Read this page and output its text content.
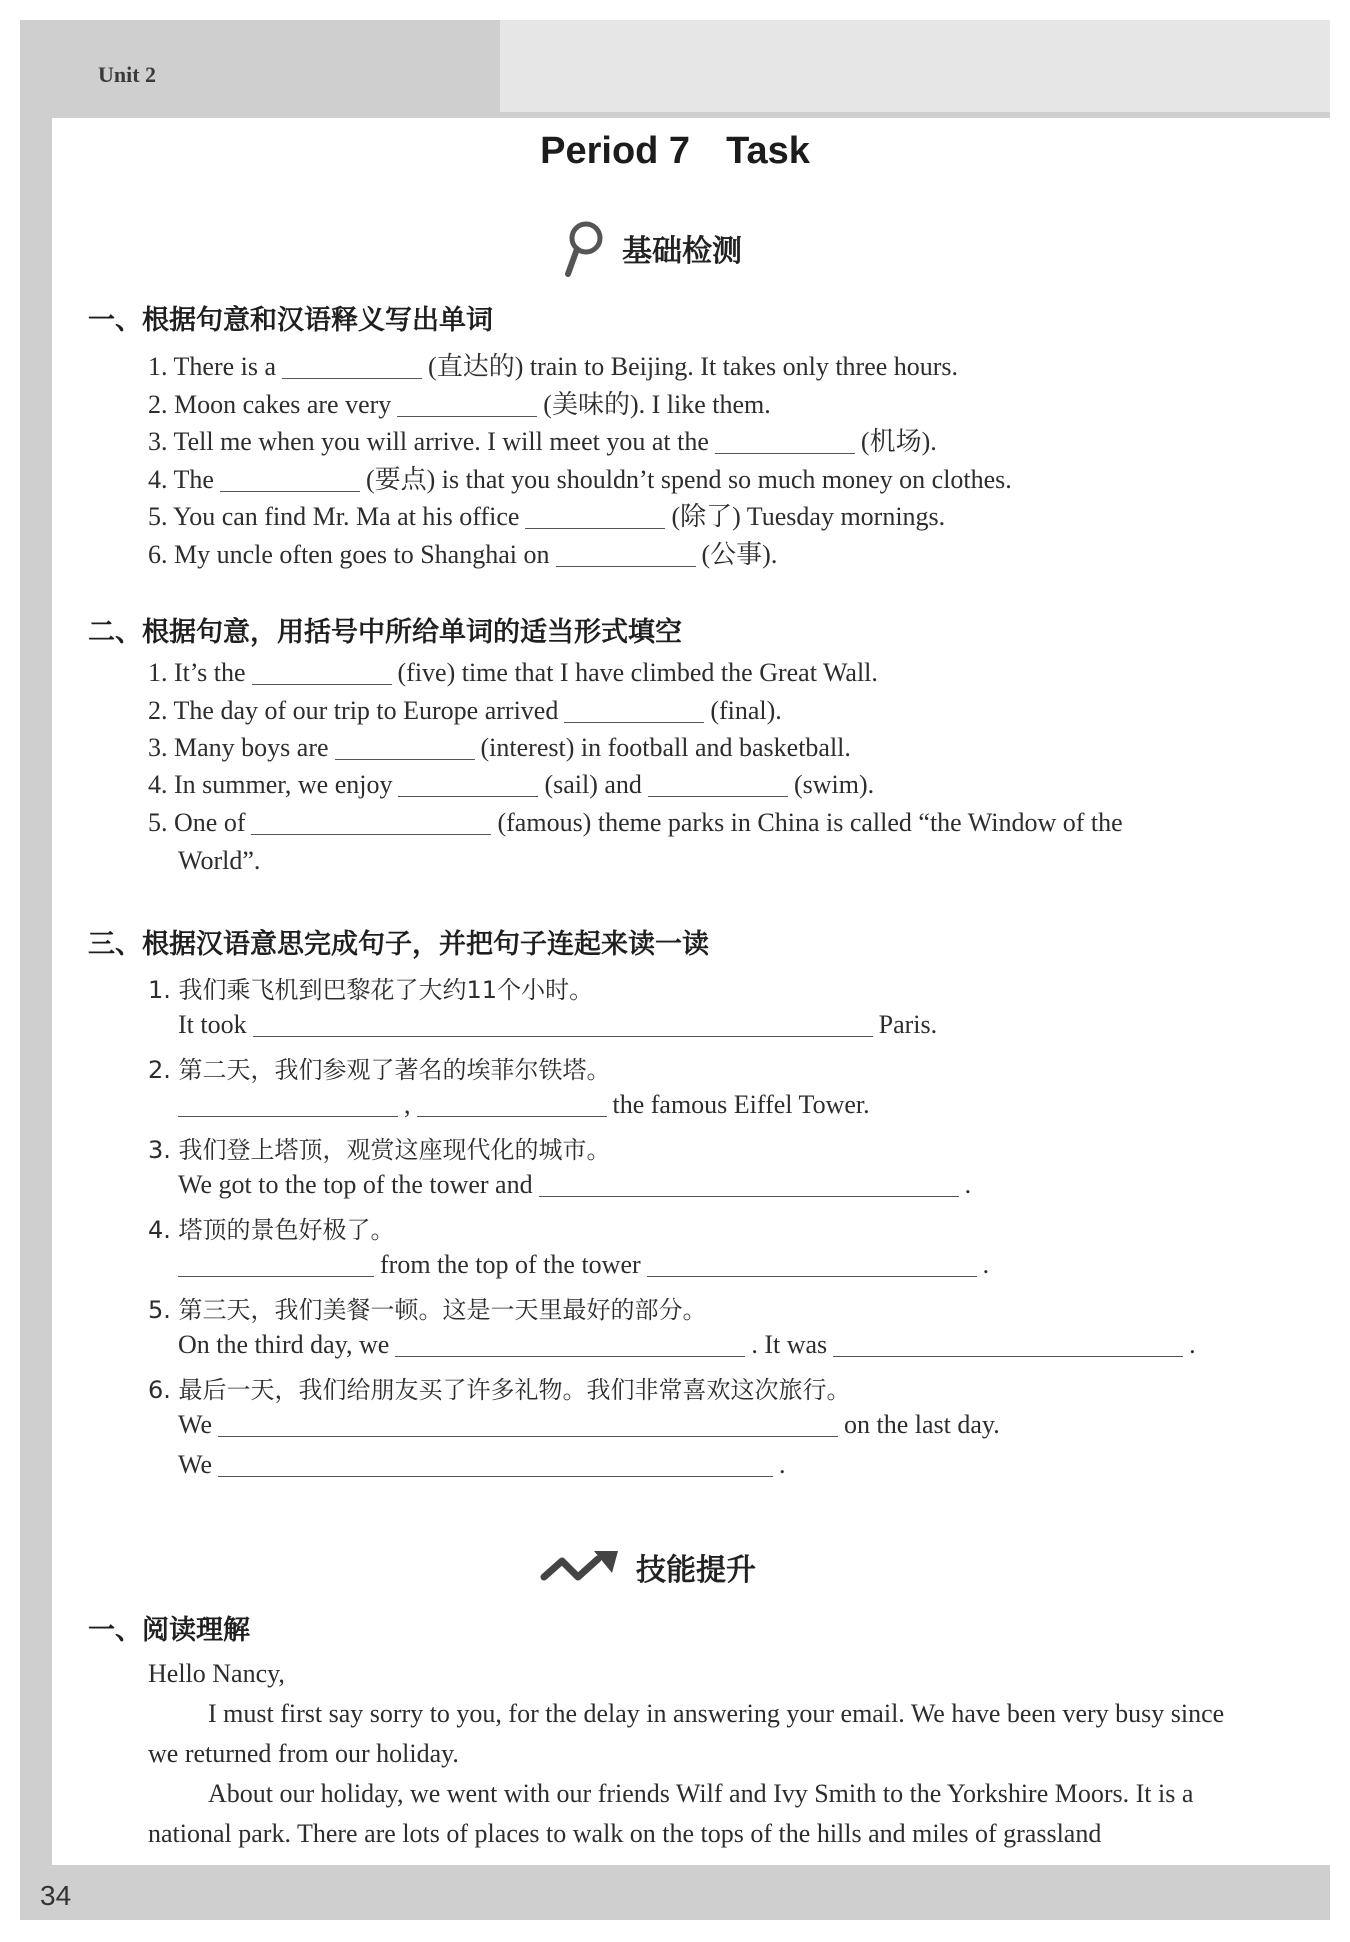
Unit 2
34
Period 7 Task
基础检测
一、根据句意和汉语释义写出单词
1. There is a	(直达的) train to Beijing. It takes only three hours.
2. Moon cakes are very	(美味的). I like them.
3. Tell me when you will arrive. I will meet you at the	(机场).
4. The	(要点) is that you shouldn’t spend so much money on clothes.
5. You can find Mr. Ma at his office	(除了) Tuesday mornings.
6. My uncle often goes to Shanghai on	(公事).
二、根据句意，用括号中所给单词的适当形式填空
1. It’s the	(five) time that I have climbed the Great Wall.
2. The day of our trip to Europe arrived	(final).
3. Many boys are	(interest) in football and basketball.
4. In summer, we enjoy	(sail) and	(swim).
5. One of	(famous) theme parks in China is called “the Window of the
World”.
三、根据汉语意思完成句子，并把句子连起来读一读
1. 我们乘飞机到巴黎花了大约11个小时。
It took	Paris.
2. 第二天，我们参观了著名的埃菲尔铁塔。
,	the famous Eiffel Tower.
3. 我们登上塔顶，观赏这座现代化的城市。
We got to the top of the tower and	.
4. 塔顶的景色好极了。
from the top of the tower	.
5. 第三天，我们美餐一顿。这是一天里最好的部分。
On the third day, we	. It was	.
6. 最后一天，我们给朋友买了许多礼物。我们非常喜欢这次旅行。
We	on the last day.
We	.
技能提升
一、阅读理解

Hello Nancy,

I must first say sorry to you, for the delay in answering your email. We have been very busy since we returned from our holiday.

About our holiday, we went with our friends Wilf and Ivy Smith to the Yorkshire Moors. It is a national park. There are lots of places to walk on the tops of the hills and miles of grassland
